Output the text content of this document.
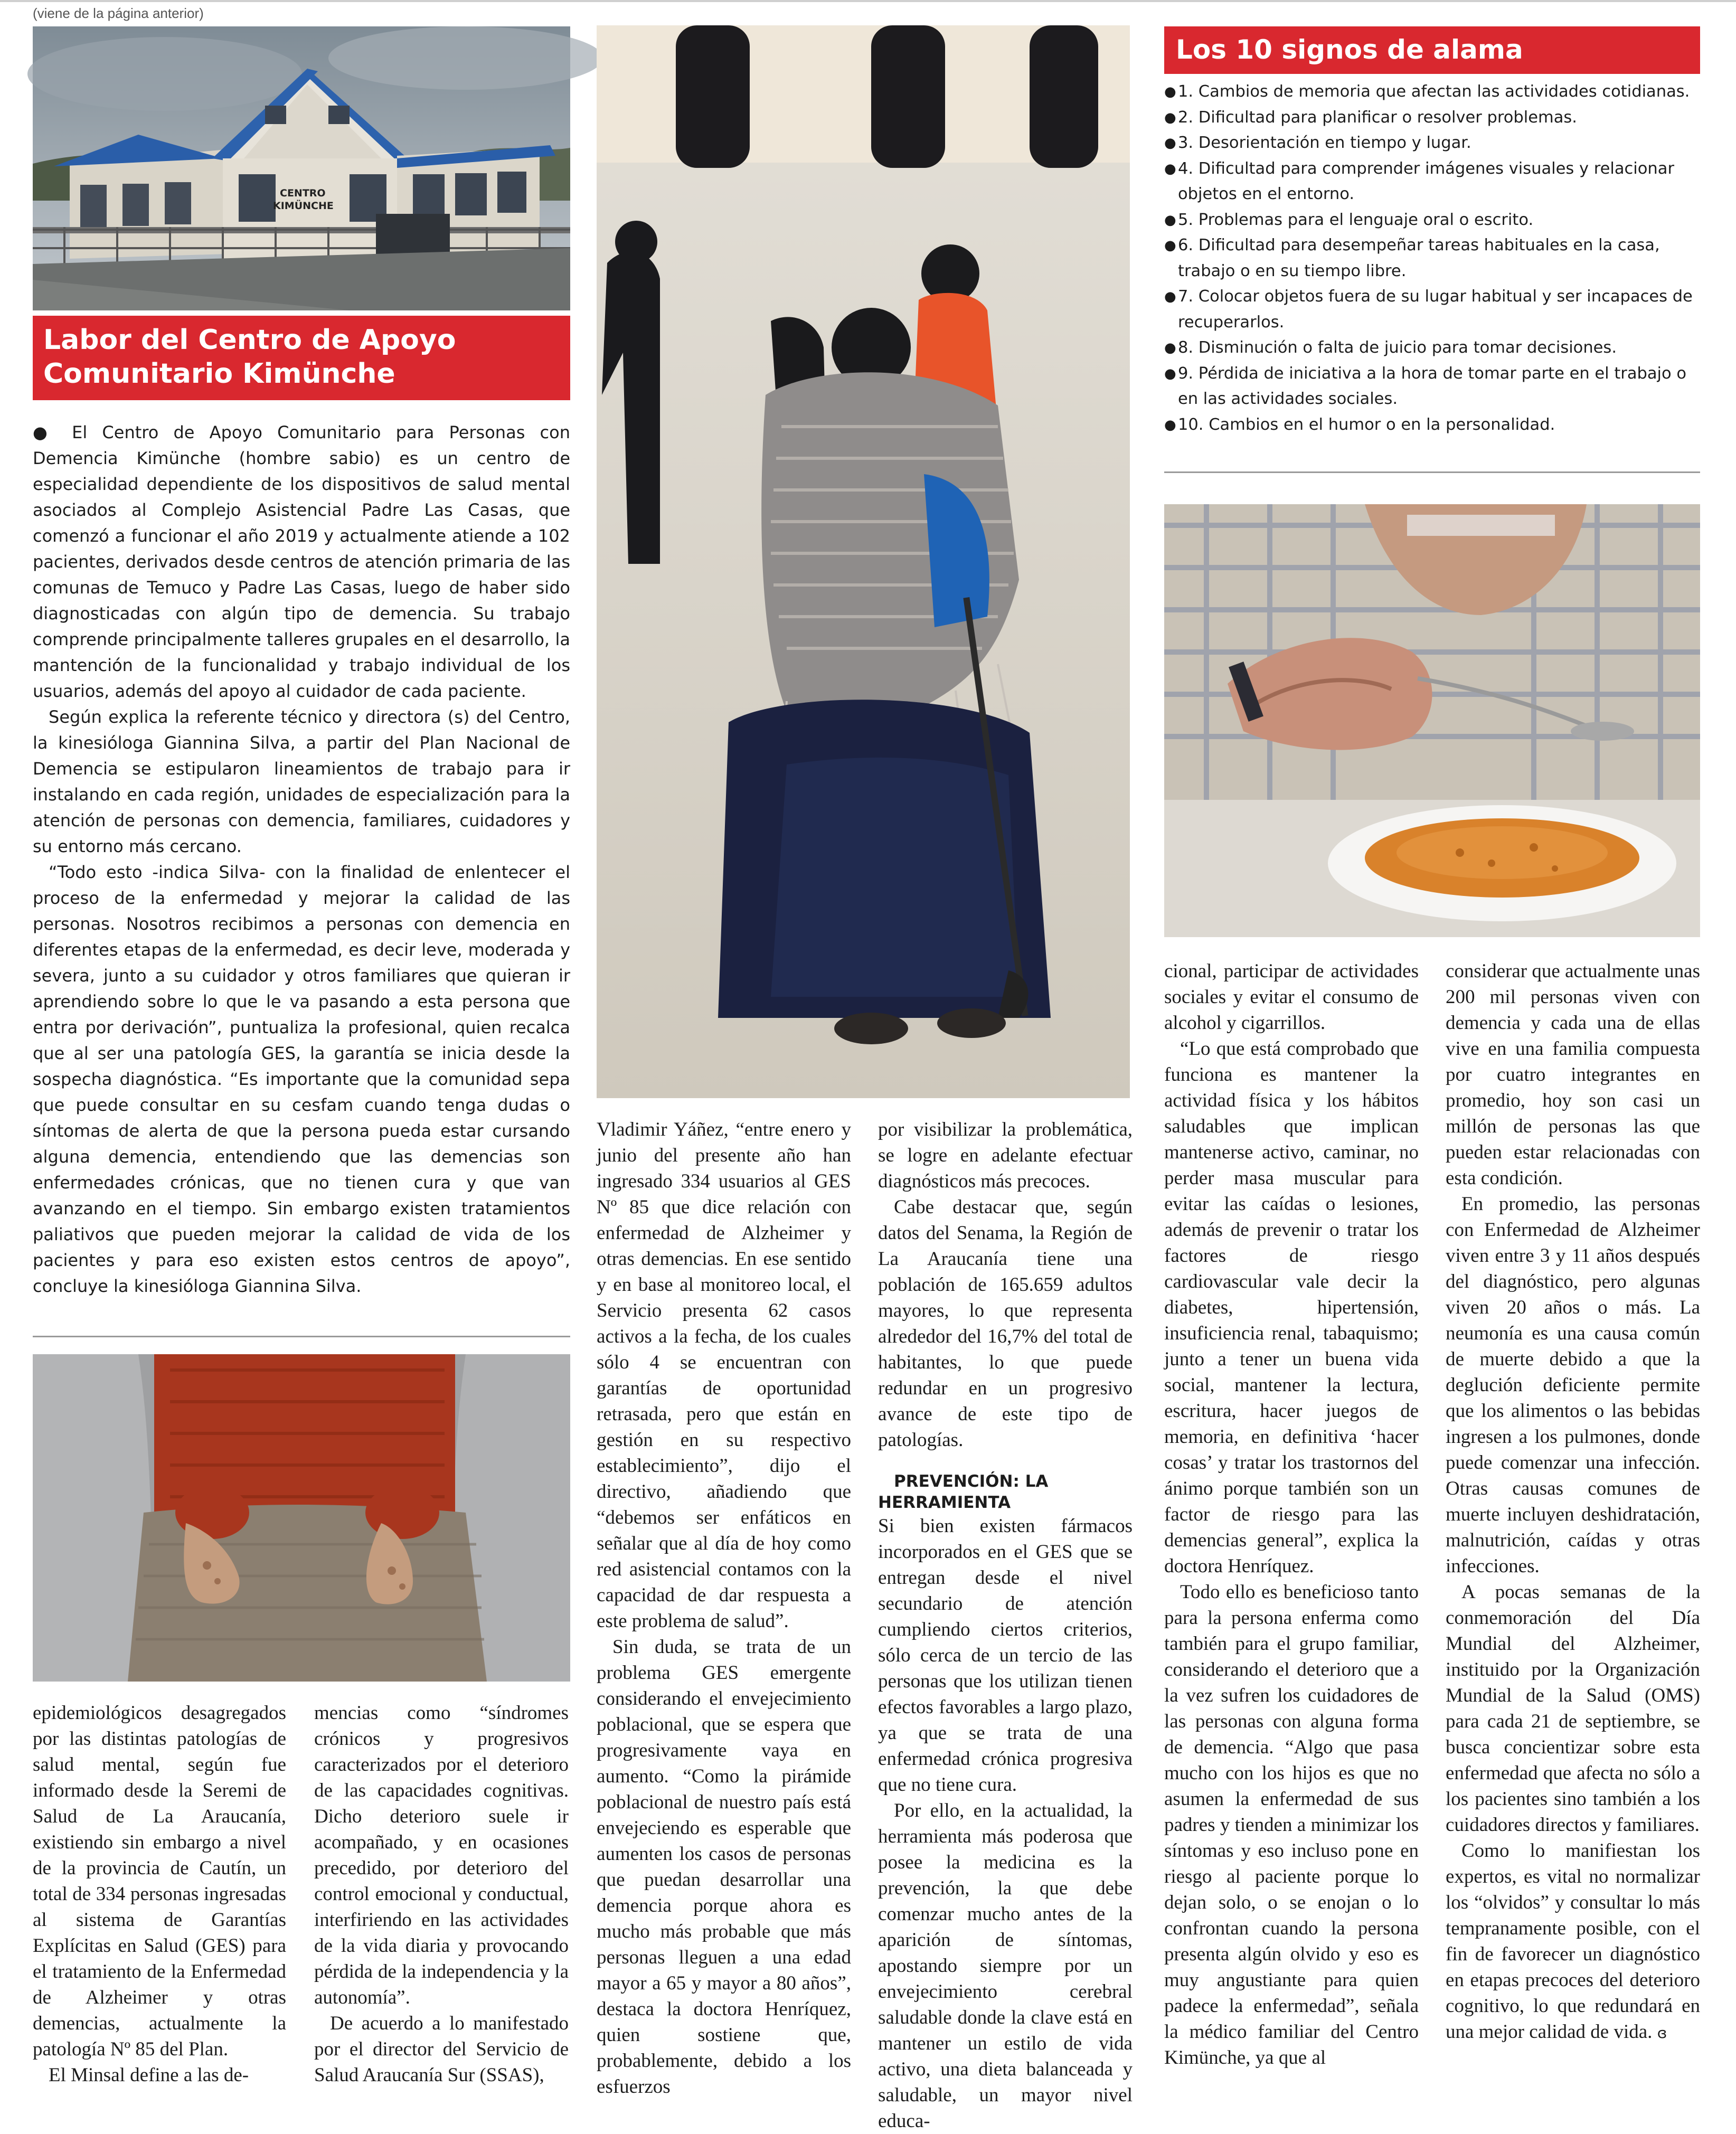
(viene de la página anterior)
CENTRO
KIMÜNCHE
Labor del Centro de Apoyo
Comunitario Kimünche

● El Centro de Apoyo Comunitario para Personas con Demencia Kimünche (hombre sabio) es un centro de especialidad dependiente de los dispositivos de salud mental asociados al Complejo Asistencial Padre Las Casas, que comenzó a funcionar el año 2019 y actualmente atiende a 102 pacientes, derivados desde centros de atención primaria de las comunas de Temuco y Padre Las Casas, luego de haber sido diagnosticadas con algún tipo de demencia. Su trabajo comprende principalmente talleres grupales en el desarrollo, la mantención de la funcionalidad y trabajo individual de los usuarios, además del apoyo al cuidador de cada paciente.

Según explica la referente técnico y directora (s) del Centro, la kinesióloga Giannina Silva, a partir del Plan Nacional de Demencia se estipularon lineamientos de trabajo para ir instalando en cada región, unidades de especialización para la atención de personas con demencia, familiares, cuidadores y su entorno más cercano.

“Todo esto -indica Silva- con la finalidad de enlentecer el proceso de la enfermedad y mejorar la calidad de las personas. Nosotros recibimos a personas con demencia en diferentes etapas de la enfermedad, es decir leve, moderada y severa, junto a su cuidador y otros familiares que quieran ir aprendiendo sobre lo que le va pasando a esta persona que entra por derivación”, puntualiza la profesional, quien recalca que al ser una patología GES, la garantía se inicia desde la sospecha diagnóstica. “Es importante que la comunidad sepa que puede consultar en su cesfam cuando tenga dudas o síntomas de alerta de que la persona pueda estar cursando alguna demencia, entendiendo que las demencias son enfermedades crónicas, que no tienen cura y que van avanzando en el tiempo. Sin embargo existen tratamientos paliativos que pueden mejorar la calidad de vida de los pacientes y para eso existen estos centros de apoyo”, concluye la kinesióloga Giannina Silva.

Los 10 signos de alama
● 1. Cambios de memoria que afectan las actividades cotidianas.
● 2. Dificultad para planificar o resolver problemas.
● 3. Desorientación en tiempo y lugar.
● 4. Dificultad para comprender imágenes visuales y relacionar objetos en el entorno.
● 5. Problemas para el lenguaje oral o escrito.
● 6. Dificultad para desempeñar tareas habituales en la casa, trabajo o en su tiempo libre.
● 7. Colocar objetos fuera de su lugar habitual y ser incapaces de recuperarlos.
● 8. Disminución o falta de juicio para tomar decisiones.
● 9. Pérdida de iniciativa a la hora de tomar parte en el trabajo o en las actividades sociales.
● 10. Cambios en el humor o en la personalidad.

epidemiológicos desagregados por las distintas patologías de salud mental, según fue informado desde la Seremi de Salud de La Araucanía, existiendo sin embargo a nivel de la provincia de Cautín, un total de 334 personas ingresadas al sistema de Garantías Explícitas en Salud (GES) para el tratamiento de la Enfermedad de Alzheimer y otras demencias, actualmente la patología Nº 85 del Plan.

El Minsal define a las de-

mencias como “síndromes crónicos y progresivos caracterizados por el deterioro de las capacidades cognitivas. Dicho deterioro suele ir acompañado, y en ocasiones precedido, por deterioro del control emocional y conductual, interfiriendo en las actividades de la vida diaria y provocando pérdida de la independencia y la autonomía”.

De acuerdo a lo manifestado por el director del Servicio de Salud Araucanía Sur (SSAS),

Vladimir Yáñez, “entre enero y junio del presente año han ingresado 334 usuarios al GES Nº 85 que dice relación con enfermedad de Alzheimer y otras demencias. En ese sentido y en base al monitoreo local, el Servicio presenta 62 casos activos a la fecha, de los cuales sólo 4 se encuentran con garantías de oportunidad retrasada, pero que están en gestión en su respectivo establecimiento”, dijo el directivo, añadiendo que “debemos ser enfáticos en señalar que al día de hoy como red asistencial contamos con la capacidad de dar respuesta a este problema de salud”.

Sin duda, se trata de un problema GES emergente considerando el envejecimiento poblacional, que se espera que progresivamente vaya en aumento. “Como la pirámide poblacional de nuestro país está envejeciendo es esperable que aumenten los casos de personas que puedan desarrollar una demencia porque ahora es mucho más probable que más personas lleguen a una edad mayor a 65 y mayor a 80 años”, destaca la doctora Henríquez, quien sostiene que, probablemente, debido a los esfuerzos

por visibilizar la problemática, se logre en adelante efectuar diagnósticos más precoces.

Cabe destacar que, según datos del Senama, la Región de La Araucanía tiene una población de 165.659 adultos mayores, lo que representa alrededor del 16,7% del total de habitantes, lo que puede redundar en un progresivo avance de este tipo de patologías.

PREVENCIÓN: LA
HERRAMIENTA

Si bien existen fármacos incorporados en el GES que se entregan desde el nivel secundario de atención cumpliendo ciertos criterios, sólo cerca de un tercio de las personas que los utilizan tienen efectos favorables a largo plazo, ya que se trata de una enfermedad crónica progresiva que no tiene cura.

Por ello, en la actualidad, la herramienta más poderosa que posee la medicina es la prevención, la que debe comenzar mucho antes de la aparición de síntomas, apostando siempre por un envejecimiento cerebral saludable donde la clave está en mantener un estilo de vida activo, una dieta balanceada y saludable, un mayor nivel educa-

cional, participar de actividades sociales y evitar el consumo de alcohol y cigarrillos.

“Lo que está comprobado que funciona es mantener la actividad física y los hábitos saludables que implican mantenerse activo, caminar, no perder masa muscular para evitar las caídas o lesiones, además de prevenir o tratar los factores de riesgo cardiovascular vale decir la diabetes, hipertensión, insuficiencia renal, tabaquismo; junto a tener un buena vida social, mantener la lectura, escritura, hacer juegos de memoria, en definitiva ‘hacer cosas’ y tratar los trastornos del ánimo porque también son un factor de riesgo para las demencias general”, explica la doctora Henríquez.

Todo ello es beneficioso tanto para la persona enferma como también para el grupo familiar, considerando el deterioro que a la vez sufren los cuidadores de las personas con alguna forma de demencia. “Algo que pasa mucho con los hijos es que no asumen la enfermedad de sus padres y tienden a minimizar los síntomas y eso incluso pone en riesgo al paciente porque lo dejan solo, o se enojan o lo confrontan cuando la persona presenta algún olvido y eso es muy angustiante para quien padece la enfermedad”, señala la médico familiar del Centro Kimünche, ya que al

considerar que actualmente unas 200 mil personas viven con demencia y cada una de ellas vive en una familia compuesta por cuatro integrantes en promedio, hoy son casi un millón de personas las que pueden estar relacionadas con esta condición.

En promedio, las personas con Enfermedad de Alzheimer viven entre 3 y 11 años después del diagnóstico, pero algunas viven 20 años o más. La neumonía es una causa común de muerte debido a que la deglución deficiente permite que los alimentos o las bebidas ingresen a los pulmones, donde puede comenzar una infección. Otras causas comunes de muerte incluyen deshidratación, malnutrición, caídas y otras infecciones.

A pocas semanas de la conmemoración del Día Mundial del Alzheimer, instituido por la Organización Mundial de la Salud (OMS) para cada 21 de septiembre, se busca concientizar sobre esta enfermedad que afecta no sólo a los pacientes sino también a los cuidadores directos y familiares.

Como lo manifiestan los expertos, es vital no normalizar los “olvidos” y consultar lo más tempranamente posible, con el fin de favorecer un diagnóstico en etapas precoces del deterioro cognitivo, lo que redundará en una mejor calidad de vida. ɞ
